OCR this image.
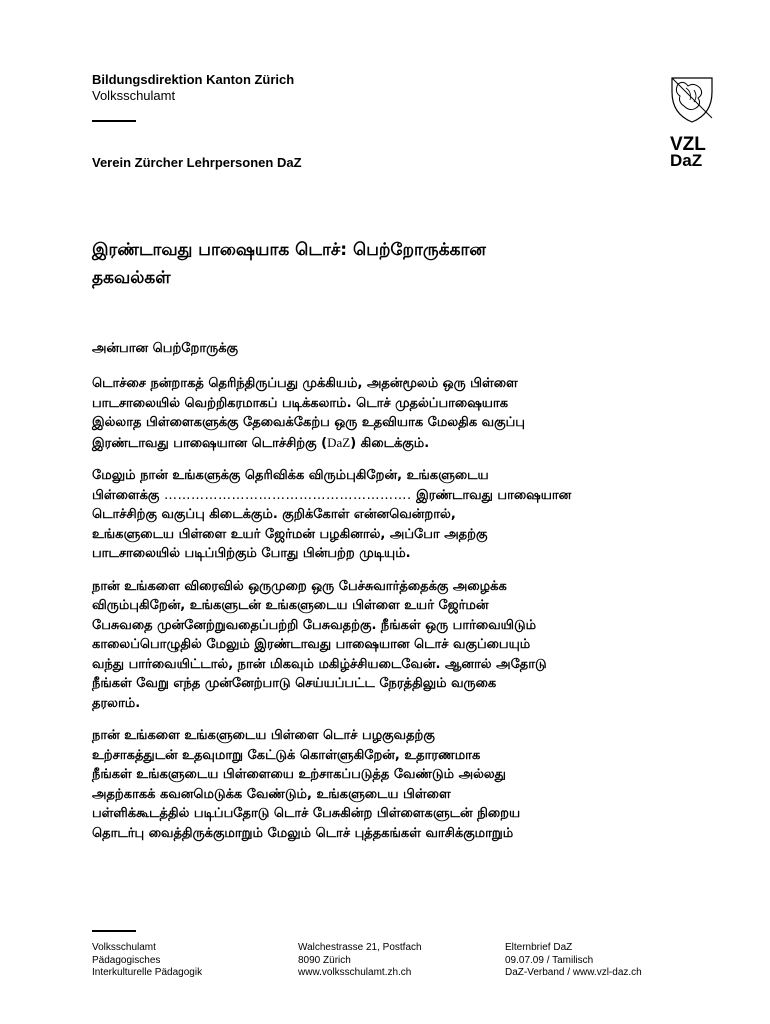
Bildungsdirektion Kanton Zürich
Volksschulamt
Verein Zürcher Lehrpersonen DaZ
VZL
DaZ
இரண்டாவது பாஷையாக டொச்: பெற்றோருக்கான
தகவல்கள்
அன்பான பெற்றோருக்கு

டொச்சை நன்றாகத் தெரிந்திருப்பது முக்கியம், அதன்மூலம் ஒரு பிள்ளை
பாடசாலையில் வெற்றிகரமாகப் படிக்கலாம். டொச் முதல்ப்பாஷையாக
இல்லாத பிள்ளைகளுக்கு தேவைக்கேற்ப ஒரு உதவியாக மேலதிக வகுப்பு
இரண்டாவது பாஷையான டொச்சிற்கு (DaZ) கிடைக்கும்.

மேலும் நான் உங்களுக்கு தெரிவிக்க விரும்புகிறேன், உங்களுடைய
பிள்ளைக்கு ………………………………………………. இரண்டாவது பாஷையான
டொச்சிற்கு வகுப்பு கிடைக்கும். குறிக்கோள் என்னவென்றால்,
உங்களுடைய பிள்ளை உயர் ஜேர்மன் பழகினால், அப்போ அதற்கு
பாடசாலையில் படிப்பிற்கும் போது பின்பற்ற முடியும்.

நான் உங்களை விரைவில் ஒருமுறை ஒரு பேச்சுவார்த்தைக்கு அழைக்க
விரும்புகிறேன், உங்களுடன் உங்களுடைய பிள்ளை உயர் ஜேர்மன்
பேசுவதை முன்னேற்றுவதைப்பற்றி பேசுவதற்கு. நீங்கள் ஒரு பார்வையிடும்
காலைப்பொழுதில் மேலும் இரண்டாவது பாஷையான டொச் வகுப்பையும்
வந்து பார்வையிட்டால், நான் மிகவும் மகிழ்ச்சியடைவேன். ஆனால் அதோடு
நீங்கள் வேறு எந்த முன்னேற்பாடு செய்யப்பட்ட நேரத்திலும் வருகை
தரலாம்.

நான் உங்களை உங்களுடைய பிள்ளை டொச் பழகுவதற்கு
உற்சாகத்துடன் உதவுமாறு கேட்டுக் கொள்ளுகிறேன், உதாரணமாக
நீங்கள் உங்களுடைய பிள்ளையை உற்சாகப்படுத்த வேண்டும் அல்லது
அதற்காகக் கவனமெடுக்க வேண்டும், உங்களுடைய பிள்ளை
பள்ளிக்கூடத்தில் படிப்பதோடு டொச் பேசுகின்ற பிள்ளைகளுடன் நிறைய
தொடர்பு வைத்திருக்குமாறும் மேலும் டொச் புத்தகங்கள் வாசிக்குமாறும்

Volksschulamt
Pädagogisches
Interkulturelle Pädagogik
Walchestrasse 21, Postfach
8090 Zürich
www.volksschulamt.zh.ch
Elternbrief DaZ
09.07.09 / Tamilisch
DaZ-Verband / www.vzl-daz.ch
